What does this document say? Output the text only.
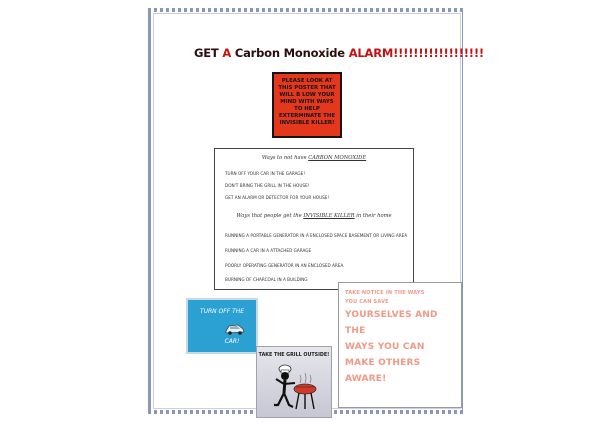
GET A Carbon Monoxide ALARM!!!!!!!!!!!!!!!!!!
PLEASE LOOK AT THIS POSTER THAT WILL B LOW YOUR MIND WITH WAYS TO HELP EXTERMINATE THE INVISIBLE KILLER!
Ways to not have CARBON MONOXIDE
TURN OFF YOUR CAR IN THE GARAGE!
DON'T BRING THE GRILL IN THE HOUSE!
GET AN ALARM OR DETECTOR FOR YOUR HOUSE!
Ways that people get the INVISIBLE KILLER in their home
RUNNING A PORTABLE GENERATOR IN A ENCLOSED SPACE BASEMENT OR LIVING AREA
RUNNING A CAR IN A ATTACHED GARAGE
POORLY OPERATING GENERATOR IN AN ENCLOSED AREA
BURNING OF CHARCOAL IN A BUILDING
TURN OFF THE
CAR!
TAKE THE GRILL OUTSIDE!
TAKE NOTICE IN THE WAYS
YOU CAN SAVE
YOURSELVES AND THE
WAYS YOU CAN
MAKE OTHERS
AWARE!
